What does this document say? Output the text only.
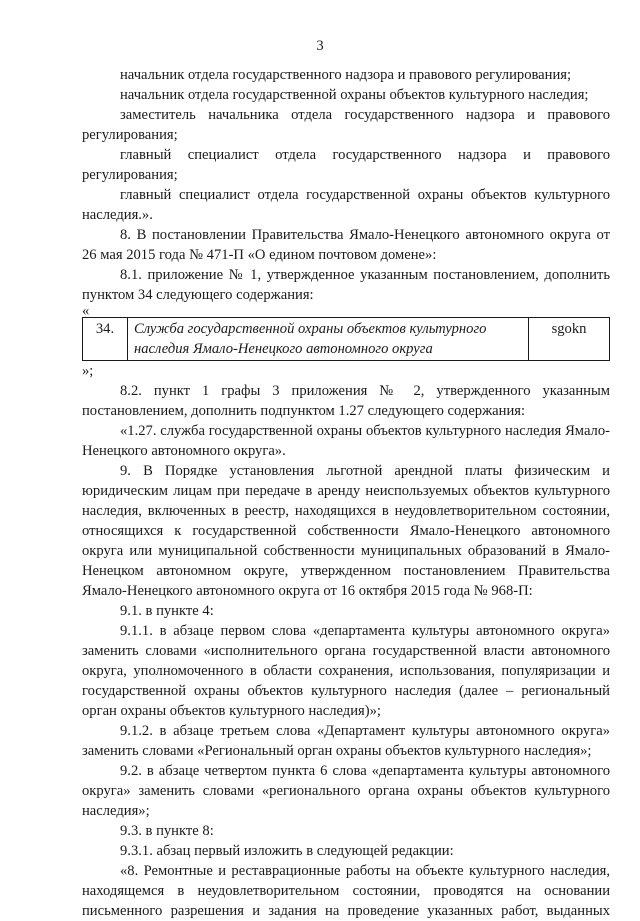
3

начальник отдела государственного надзора и правового регулирования;

начальник отдела государственной охраны объектов культурного наследия;

заместитель начальника отдела государственного надзора и правового регулирования;

главный специалист отдела государственного надзора и правового регулирования;

главный специалист отдела государственной охраны объектов культурного наследия.».

8. В постановлении Правительства Ямало-Ненецкого автономного округа от 26 мая 2015 года № 471-П «О едином почтовом домене»:

8.1. приложение № 1, утвержденное указанным постановлением, дополнить пунктом 34 следующего содержания:

«

34.	Служба государственной охраны объектов культурного наследия Ямало-Ненецкого автономного округа	sgokn

»;

8.2. пункт 1 графы 3 приложения № 2, утвержденного указанным постановлением, дополнить подпунктом 1.27 следующего содержания:

«1.27. служба государственной охраны объектов культурного наследия Ямало-Ненецкого автономного округа».

9. В Порядке установления льготной арендной платы физическим и юридическим лицам при передаче в аренду неиспользуемых объектов культурного наследия, включенных в реестр, находящихся в неудовлетворительном состоянии, относящихся к государственной собственности Ямало-Ненецкого автономного округа или муниципальной собственности муниципальных образований в Ямало-Ненецком автономном округе, утвержденном постановлением Правительства Ямало-Ненецкого автономного округа от 16 октября 2015 года № 968-П:

9.1. в пункте 4:

9.1.1. в абзаце первом слова «департамента культуры автономного округа» заменить словами «исполнительного органа государственной власти автономного округа, уполномоченного в области сохранения, использования, популяризации и государственной охраны объектов культурного наследия (далее – региональный орган охраны объектов культурного наследия)»;

9.1.2. в абзаце третьем слова «Департамент культуры автономного округа» заменить словами «Региональный орган охраны объектов культурного наследия»;

9.2. в абзаце четвертом пункта 6 слова «департамента культуры автономного округа» заменить словами «регионального органа охраны объектов культурного наследия»;

9.3. в пункте 8:

9.3.1. абзац первый изложить в следующей редакции:

«8. Ремонтные и реставрационные работы на объекте культурного наследия, находящемся в неудовлетворительном состоянии, проводятся на основании письменного разрешения и задания на проведение указанных работ, выданных
